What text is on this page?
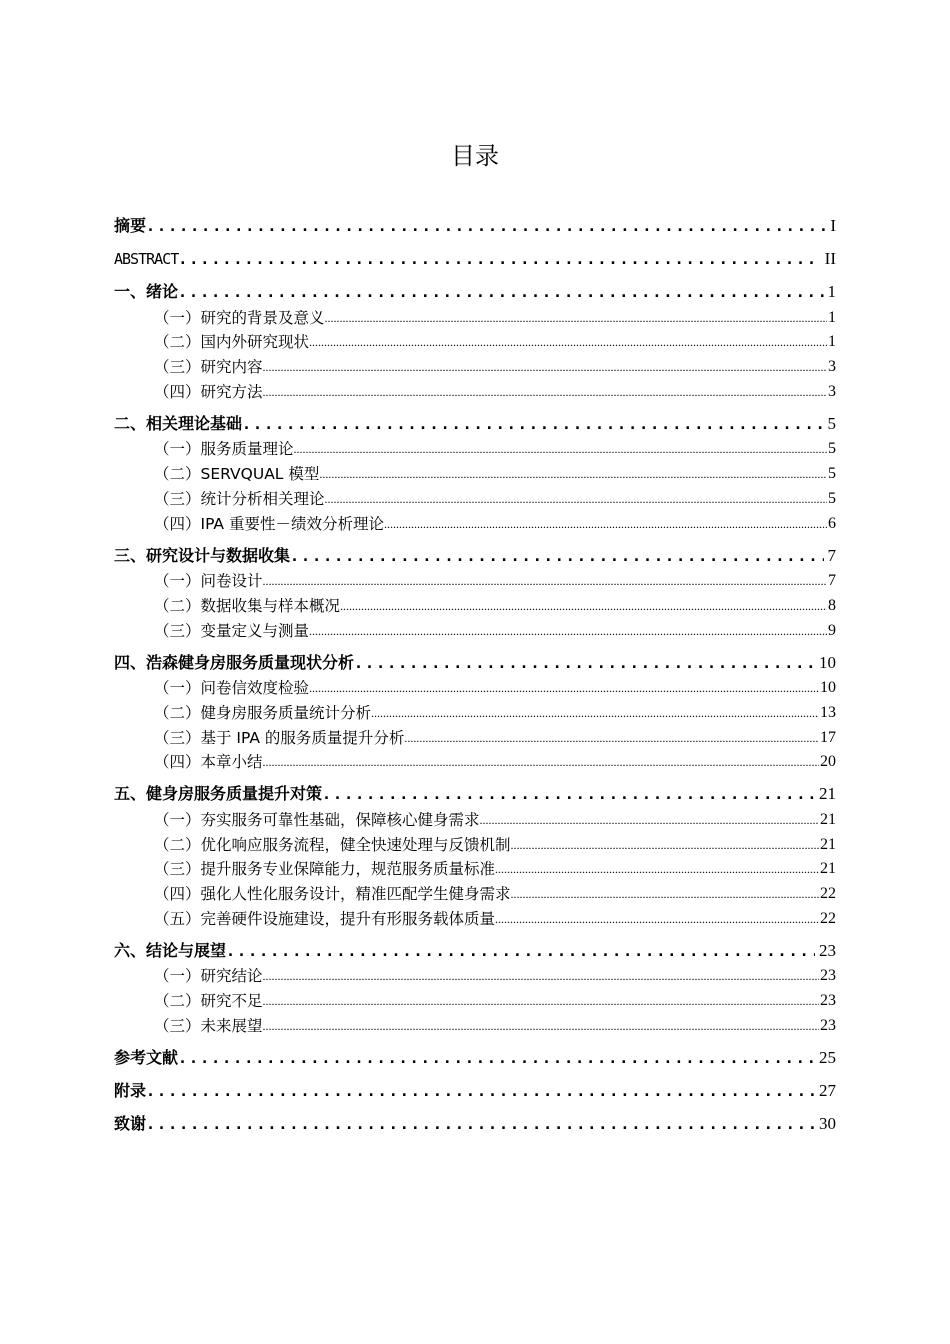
目录
摘要 .....	I
ABSTRACT .....	II
一、绪论 .....	1
（一）研究的背景及意义 .....	1
（二）国内外研究现状 .....	1
（三）研究内容 .....	3
（四）研究方法 .....	3
二、相关理论基础 .....	5
（一）服务质量理论 .....	5
（二）SERVQUAL 模型 .....	5
（三）统计分析相关理论 .....	5
（四）IPA 重要性－绩效分析理论 .....	6
三、研究设计与数据收集 .....	7
（一）问卷设计 .....	7
（二）数据收集与样本概况 .....	8
（三）变量定义与测量 .....	9
四、浩森健身房服务质量现状分析 .....	10
（一）问卷信效度检验 .....	10
（二）健身房服务质量统计分析 .....	13
（三）基于 IPA 的服务质量提升分析 .....	17
（四）本章小结 .....	20
五、健身房服务质量提升对策 .....	21
（一）夯实服务可靠性基础，保障核心健身需求 .....	21
（二）优化响应服务流程，健全快速处理与反馈机制 .....	21
（三）提升服务专业保障能力，规范服务质量标准 .....	21
（四）强化人性化服务设计，精准匹配学生健身需求 .....	22
（五）完善硬件设施建设，提升有形服务载体质量 .....	22
六、结论与展望 .....	23
（一）研究结论 .....	23
（二）研究不足 .....	23
（三）未来展望 .....	23
参考文献 .....	25
附录 .....	27
致谢 .....	30
